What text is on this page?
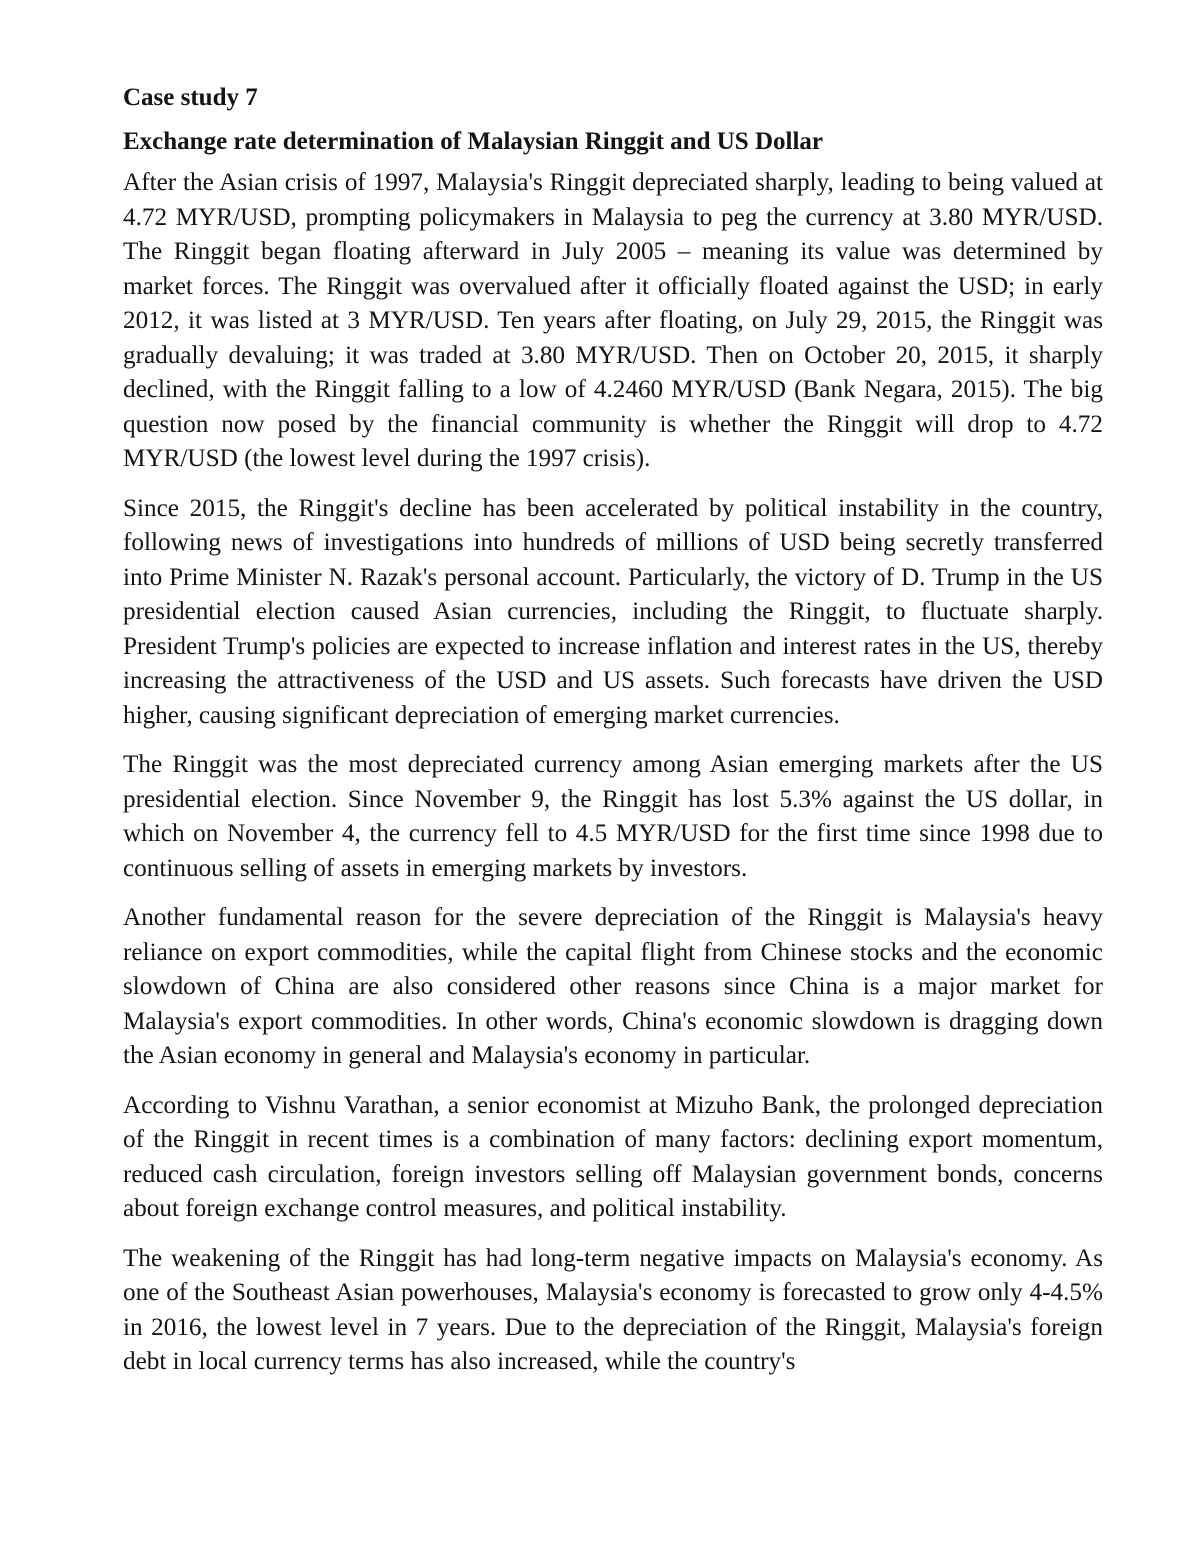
Case study 7
Exchange rate determination of Malaysian Ringgit and US Dollar

After the Asian crisis of 1997, Malaysia's Ringgit depreciated sharply, leading to being valued at 4.72 MYR/USD, prompting policymakers in Malaysia to peg the currency at 3.80 MYR/USD. The Ringgit began floating afterward in July 2005 – meaning its value was determined by market forces. The Ringgit was overvalued after it officially floated against the USD; in early 2012, it was listed at 3 MYR/USD. Ten years after floating, on July 29, 2015, the Ringgit was gradually devaluing; it was traded at 3.80 MYR/USD. Then on October 20, 2015, it sharply declined, with the Ringgit falling to a low of 4.2460 MYR/USD (Bank Negara, 2015). The big question now posed by the financial community is whether the Ringgit will drop to 4.72 MYR/USD (the lowest level during the 1997 crisis).

Since 2015, the Ringgit's decline has been accelerated by political instability in the country, following news of investigations into hundreds of millions of USD being secretly transferred into Prime Minister N. Razak's personal account. Particularly, the victory of D. Trump in the US presidential election caused Asian currencies, including the Ringgit, to fluctuate sharply. President Trump's policies are expected to increase inflation and interest rates in the US, thereby increasing the attractiveness of the USD and US assets. Such forecasts have driven the USD higher, causing significant depreciation of emerging market currencies.

The Ringgit was the most depreciated currency among Asian emerging markets after the US presidential election. Since November 9, the Ringgit has lost 5.3% against the US dollar, in which on November 4, the currency fell to 4.5 MYR/USD for the first time since 1998 due to continuous selling of assets in emerging markets by investors.

Another fundamental reason for the severe depreciation of the Ringgit is Malaysia's heavy reliance on export commodities, while the capital flight from Chinese stocks and the economic slowdown of China are also considered other reasons since China is a major market for Malaysia's export commodities. In other words, China's economic slowdown is dragging down the Asian economy in general and Malaysia's economy in particular.

According to Vishnu Varathan, a senior economist at Mizuho Bank, the prolonged depreciation of the Ringgit in recent times is a combination of many factors: declining export momentum, reduced cash circulation, foreign investors selling off Malaysian government bonds, concerns about foreign exchange control measures, and political instability.

The weakening of the Ringgit has had long-term negative impacts on Malaysia's economy. As one of the Southeast Asian powerhouses, Malaysia's economy is forecasted to grow only 4-4.5% in 2016, the lowest level in 7 years. Due to the depreciation of the Ringgit, Malaysia's foreign debt in local currency terms has also increased, while the country's
